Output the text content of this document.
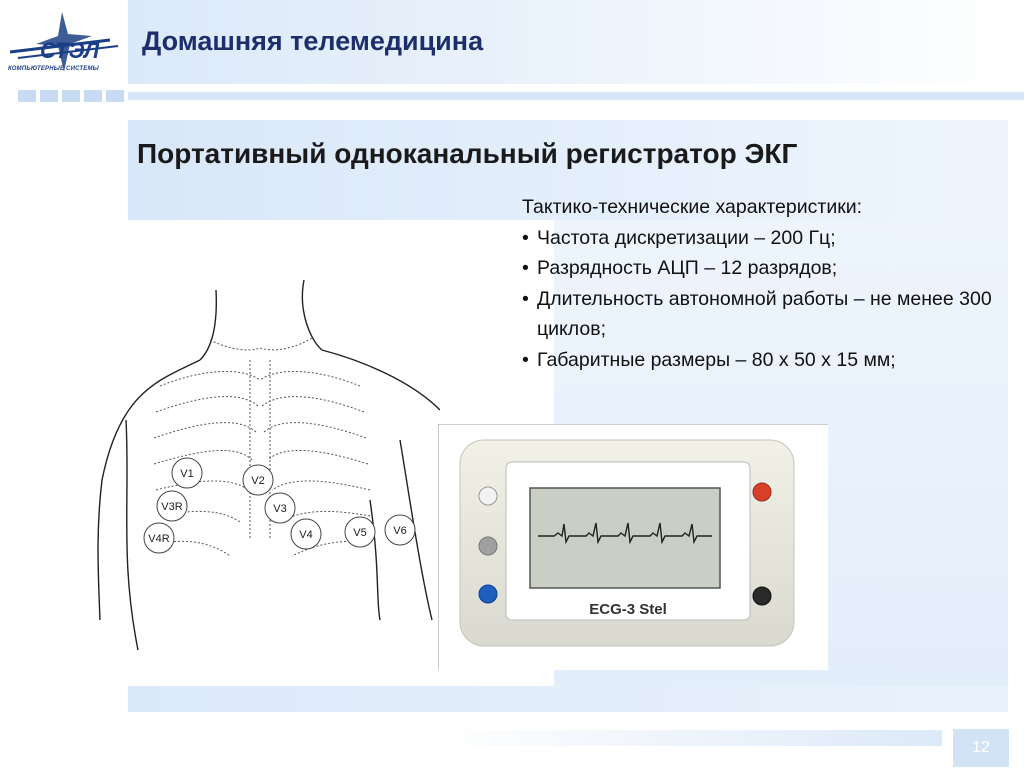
СТЭЛ
КОМПЬЮТЕРНЫЕ СИСТЕМЫ
Домашняя телемедицина
Портативный одноканальный регистратор ЭКГ
V1
V2
V3R	V3
V4R	V4	V5 V6
Тактико-технические характеристики:
• Частота дискретизации – 200 Гц;
• Разрядность АЦП – 12 разрядов;
• Длительность автономной работы – не менее 300 циклов;
• Габаритные размеры – 80 х 50 х 15 мм;
ECG-3 Stel
12
